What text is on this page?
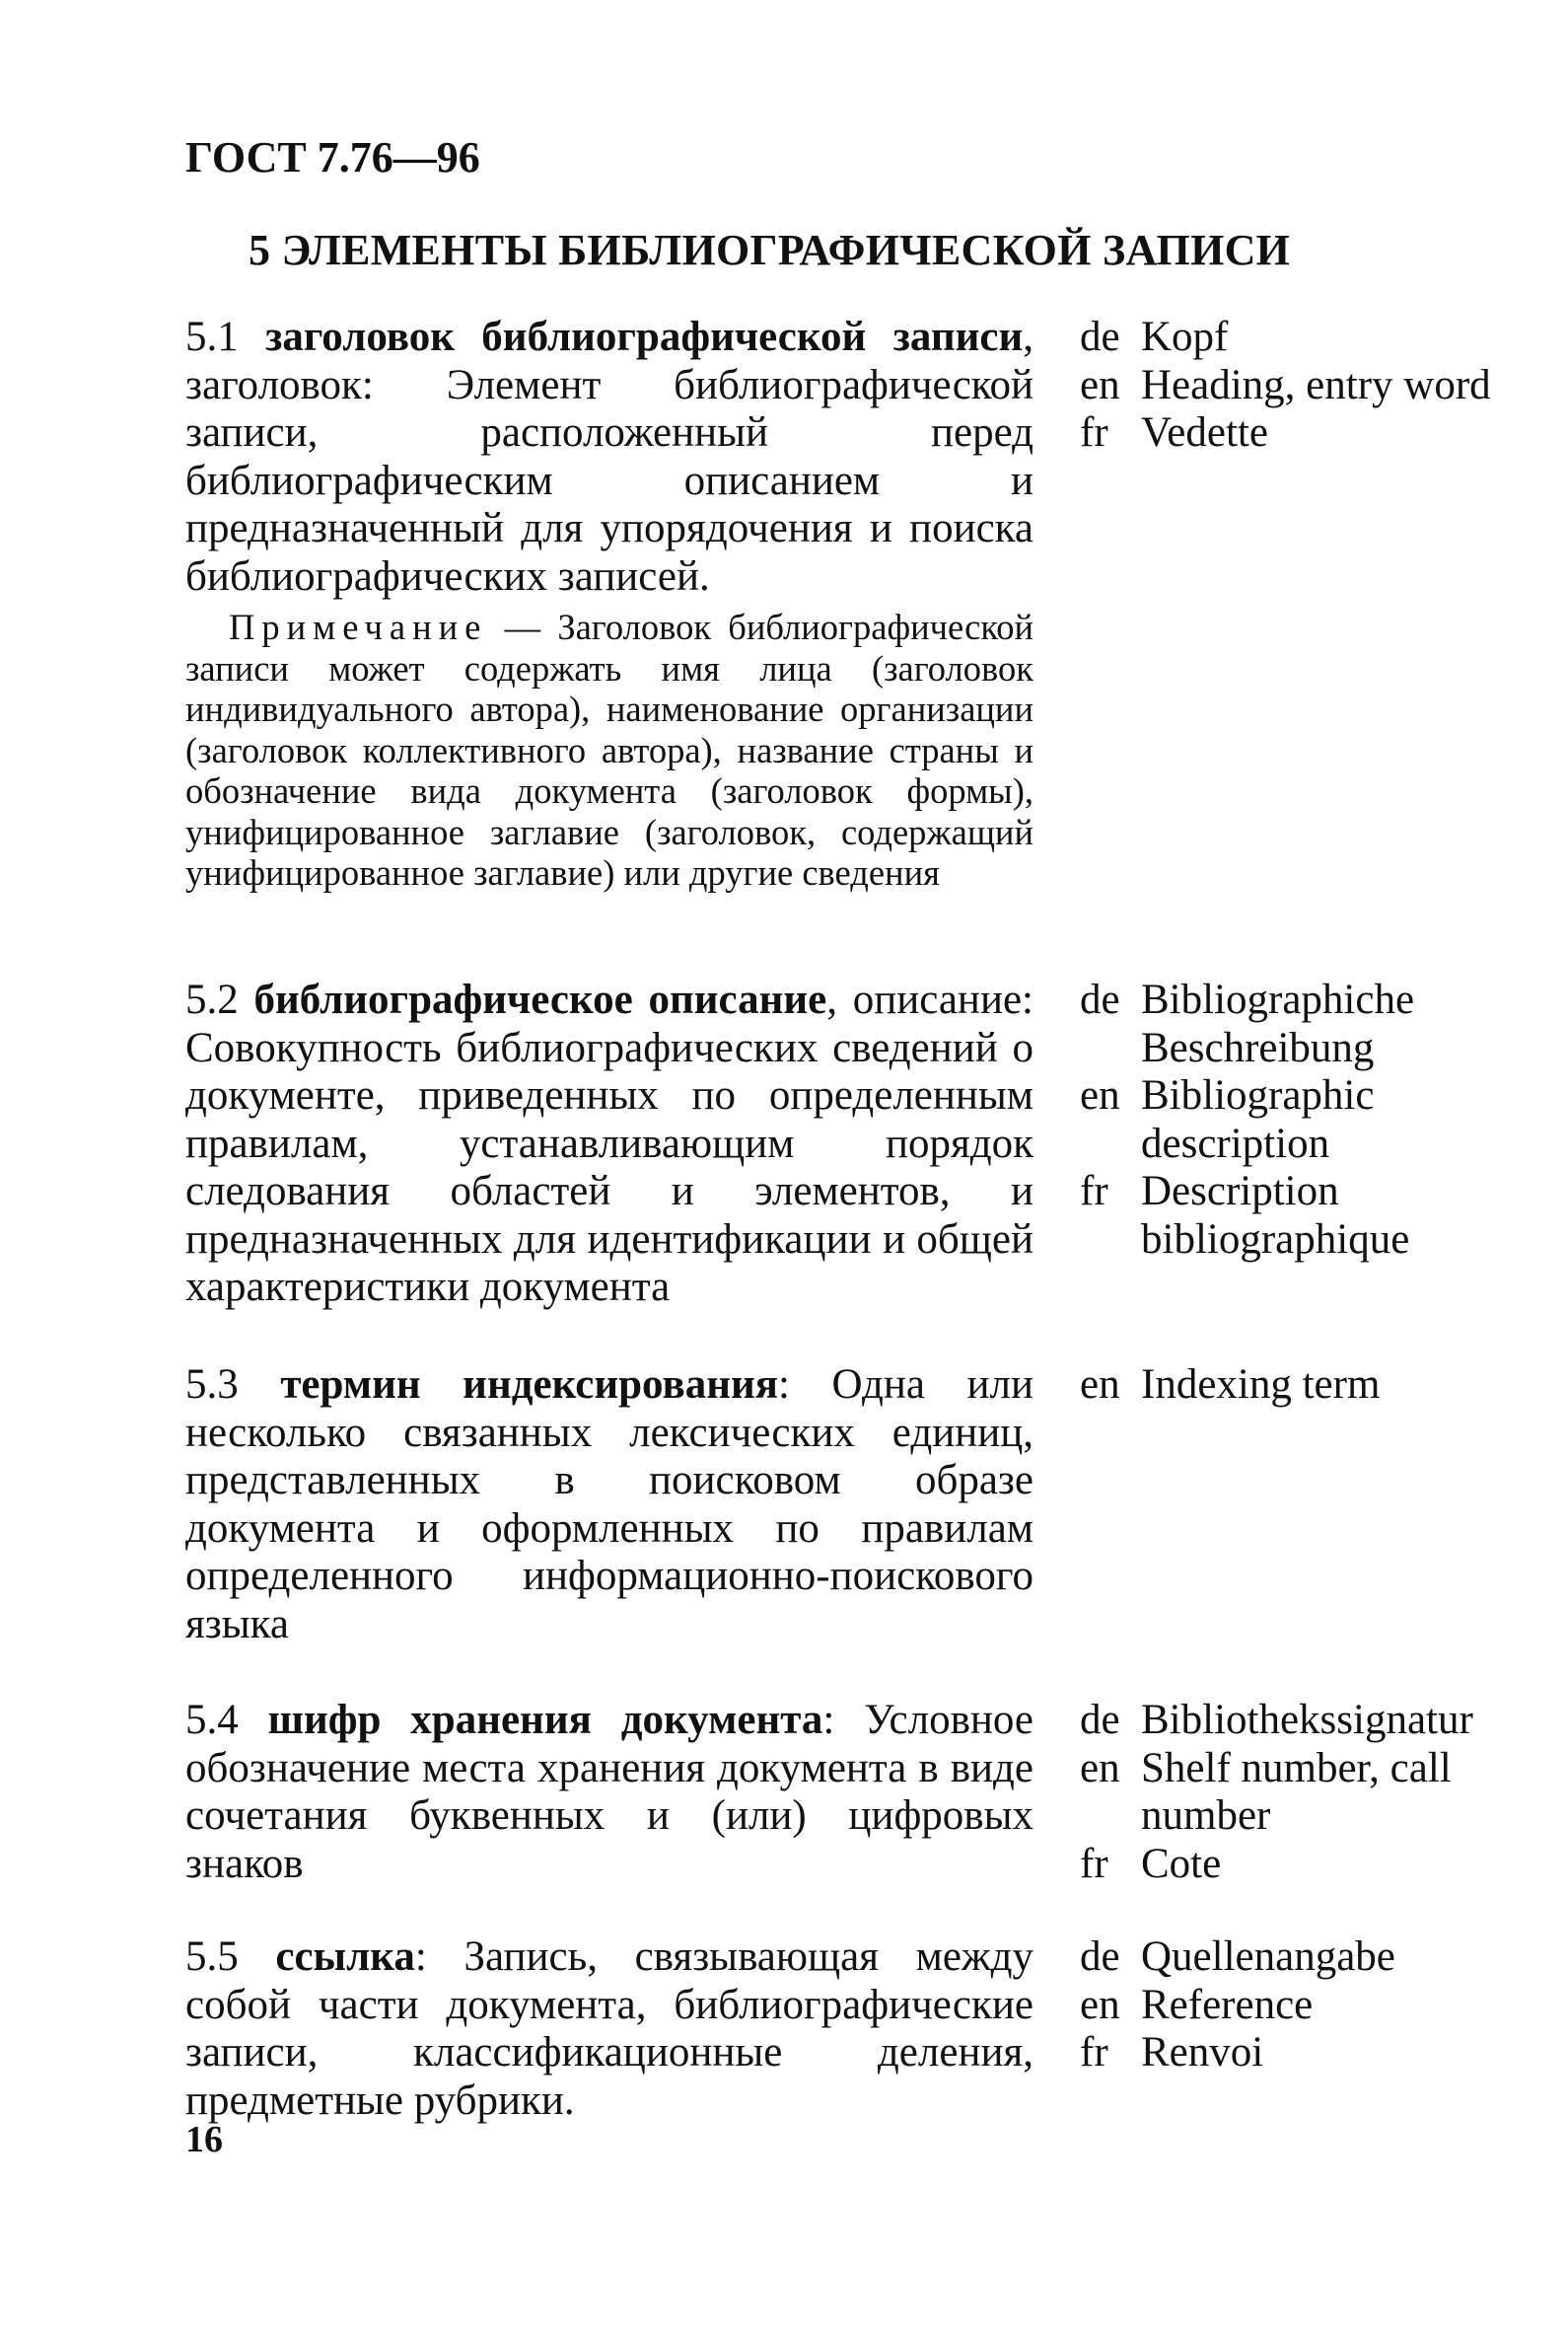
ГОСТ 7.76—96
5 ЭЛЕМЕНТЫ БИБЛИОГРАФИЧЕСКОЙ ЗАПИСИ
5.1 заголовок библиографической записи, заголовок: Элемент библиографической записи, расположенный перед библиографическим описанием и предназначенный для упорядочения и поиска библиографических записей.
Примечание — Заголовок библиографической записи может содержать имя лица (заголовок индивидуального автора), наименование организации (заголовок коллективного автора), название страны и обозначение вида документа (заголовок формы), унифицированное заглавие (заголовок, содержащий унифицированное заглавие) или другие сведения
de Kopf
en Heading, entry word
fr Vedette
5.2 библиографическое описание, описание: Совокупность библиографических сведений о документе, приведенных по определенным правилам, устанавливающим порядок следования областей и элементов, и предназначенных для идентификации и общей характеристики документа
de Bibliographiche Beschreibung
en Bibliographic description
fr Description bibliographique
5.3 термин индексирования: Одна или несколько связанных лексических единиц, представленных в поисковом образе документа и оформленных по правилам определенного информационно-поискового языка
en Indexing term
5.4 шифр хранения документа: Условное обозначение места хранения документа в виде сочетания буквенных и (или) цифровых знаков
de Bibliothekssignatur
en Shelf number, call number
fr Cote
5.5 ссылка: Запись, связывающая между собой части документа, библиографические записи, классификационные деления, предметные рубрики.
de Quellenangabe
en Reference
fr Renvoi
16
